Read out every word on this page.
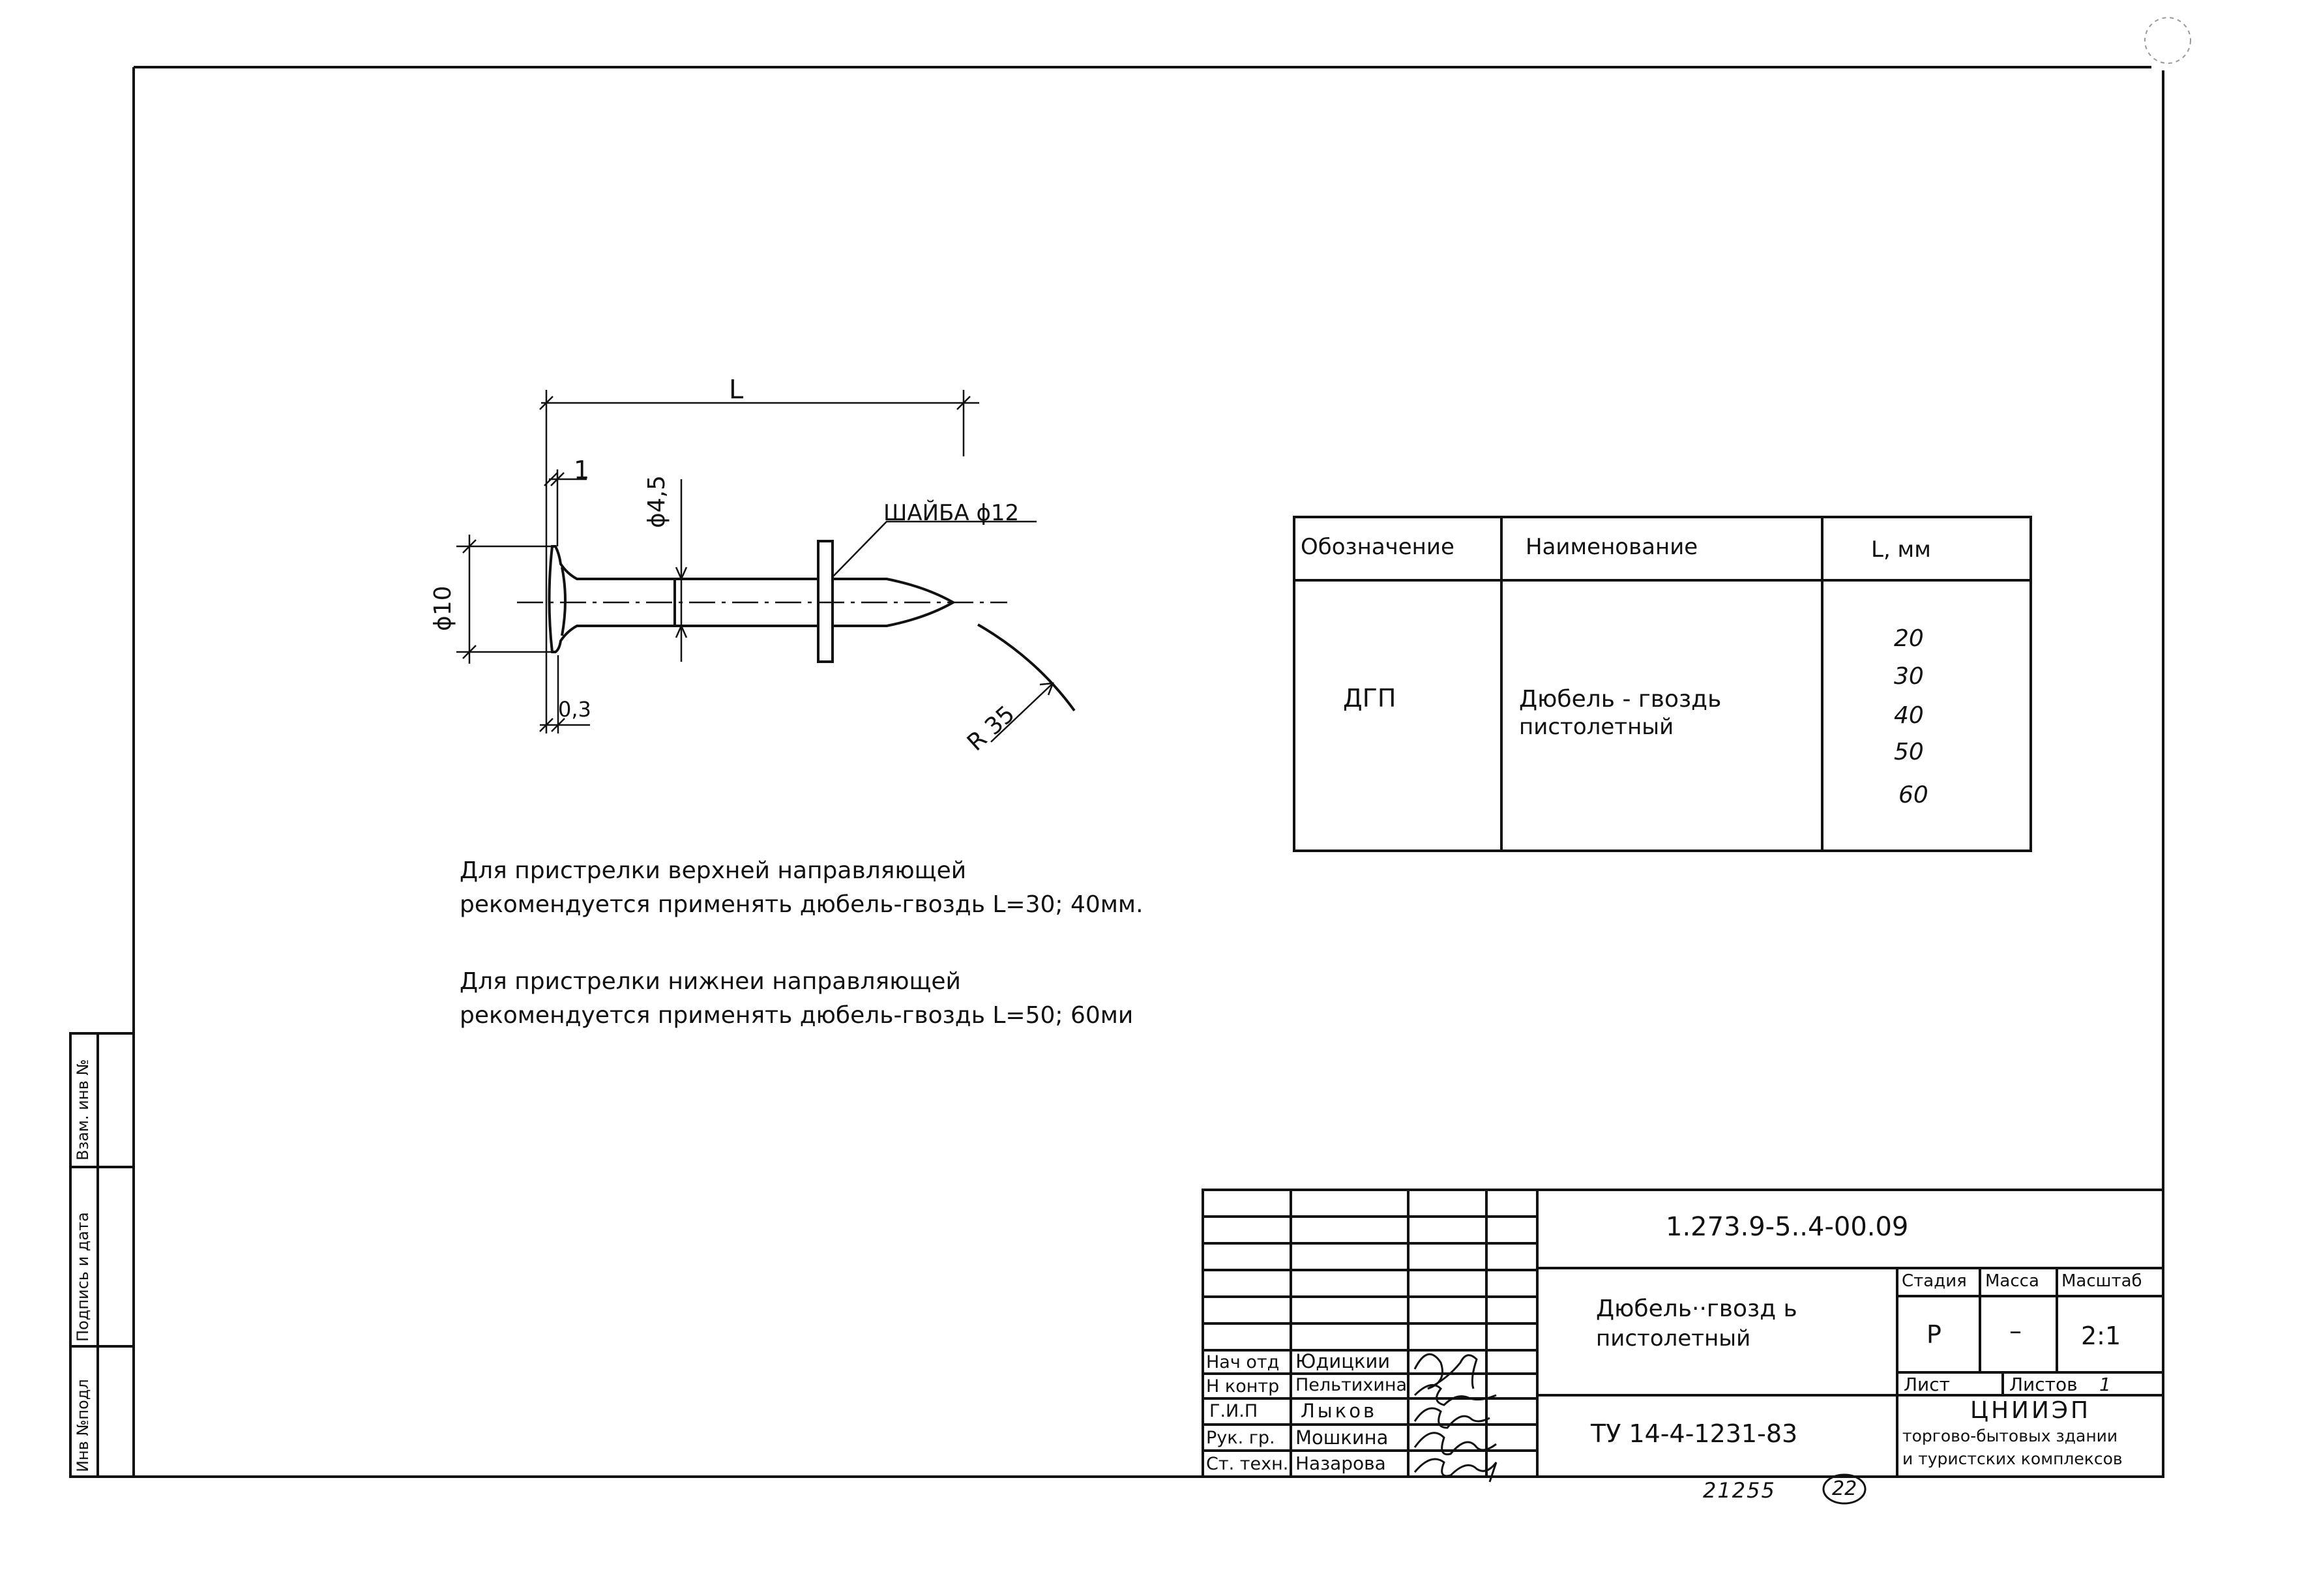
L
1
ϕ4,5	ШАЙБА ϕ12
ϕ10
0,3	R 35
Обозначение	Наименование	L, мм
ДГП	Дюбель - гвоздь
пистолетный
20
30
40
50
60
Для пристрелки верхней направляющей
рекомендуется применять дюбель-гвоздь L=30; 40мм.
Для пристрелки нижнеи направляющей
рекомендуется применять дюбель-гвоздь L=50; 60ми
Инв №подл
Подпись и дата
Взам. инв №
1.273.9-5..4-00.09
Дюбель··гвозд ь
пистолетный
ТУ 14-4-1231-83
Стадия Масса Масштаб
Р	– 2:1
Лист	Листов 1
ЦНИИЭП
торгово-бытовых здании
и туристских комплексов
Нач отд Юдицкии
Н контр Пельтихина
Г.И.П Лыков
Рук. гр. Мошкина
Ст. техн. Назарова
21255	22
